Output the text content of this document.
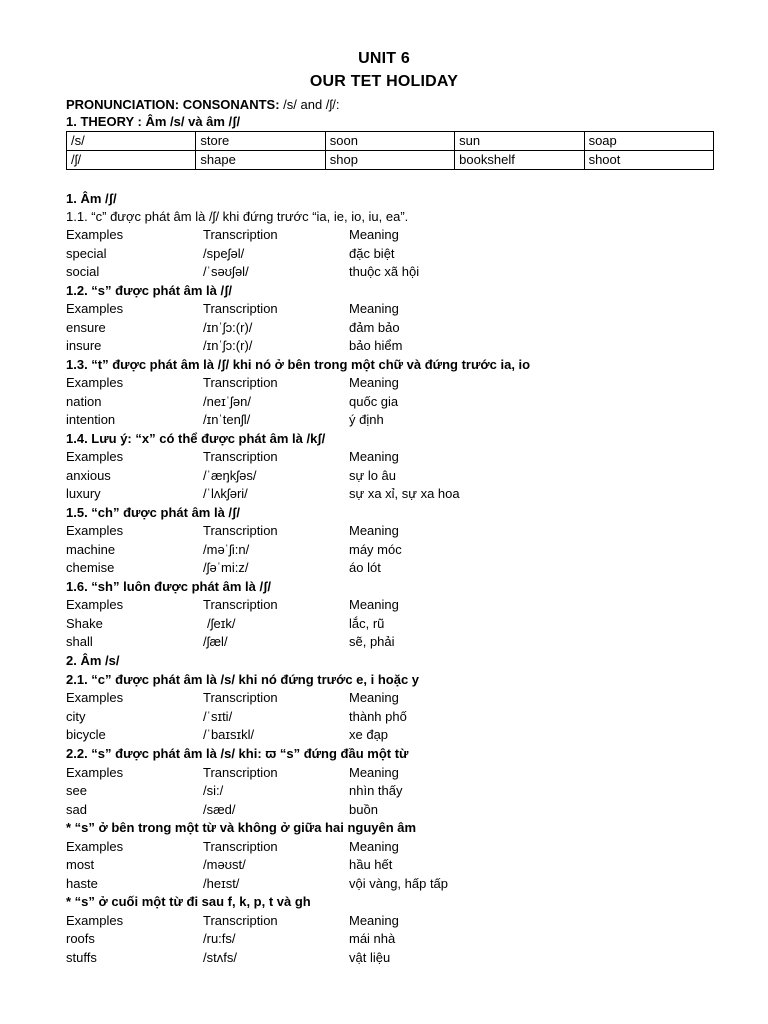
UNIT 6
OUR TET HOLIDAY
PRONUNCIATION: CONSONANTS: /s/ and /ʃ/:
1. THEORY : Âm /s/ và âm /ʃ/
/s/	store	soon	sun	soap
/ʃ/	shape	shop	bookshelf	shoot
1. Âm /ʃ/
1.1. “c” được phát âm là /ʃ/ khi đứng trước “ia, ie, io, iu, ea”.
Examples	Transcription	Meaning
special	/speʃəl/	đặc biệt
social	/ˈsəʊʃəl/	thuộc xã hội
1.2. “s” được phát âm là /ʃ/
Examples	Transcription	Meaning
ensure	/ɪnˈʃɔ:(r)/	đảm bảo
insure	/ɪnˈʃɔ:(r)/	bảo hiểm
1.3. “t” được phát âm là /ʃ/ khi nó ở bên trong một chữ và đứng trước ia, io
Examples	Transcription	Meaning
nation	/neɪˈʃən/	quốc gia
intention	/ɪnˈtenʃl/	ý định
1.4. Lưu ý: “x” có thể được phát âm là /kʃ/
Examples	Transcription	Meaning
anxious	/ˈæŋkʃəs/	sự lo âu
luxury	/ˈlʌkʃəri/	sự xa xỉ, sự xa hoa
1.5. “ch” được phát âm là /ʃ/
Examples	Transcription	Meaning
machine	/məˈʃi:n/	máy móc
chemise	/ʃəˈmi:z/	áo lót
1.6. “sh” luôn được phát âm là /ʃ/
Examples	Transcription	Meaning
Shake	/ʃeɪk/	lắc, rũ
shall	/ʃæl/	sẽ, phải
2. Âm /s/
2.1. “c” được phát âm là /s/ khi nó đứng trước e, i hoặc y
Examples	Transcription	Meaning
city	/ˈsɪti/	thành phố
bicycle	/ˈbaɪsɪkl/	xe đạp
2.2. “s” được phát âm là /s/ khi: ϖ “s” đứng đầu một từ
Examples	Transcription	Meaning
see	/si:/	nhìn thấy
sad	/sæd/	buồn
* “s” ở bên trong một từ và không ở giữa hai nguyên âm
Examples	Transcription	Meaning
most	/məʊst/	hầu hết
haste	/heɪst/	vội vàng, hấp tấp
* “s” ở cuối một từ đi sau f, k, p, t và gh
Examples	Transcription	Meaning
roofs	/ru:fs/	mái nhà
stuffs	/stʌfs/	vật liệu
